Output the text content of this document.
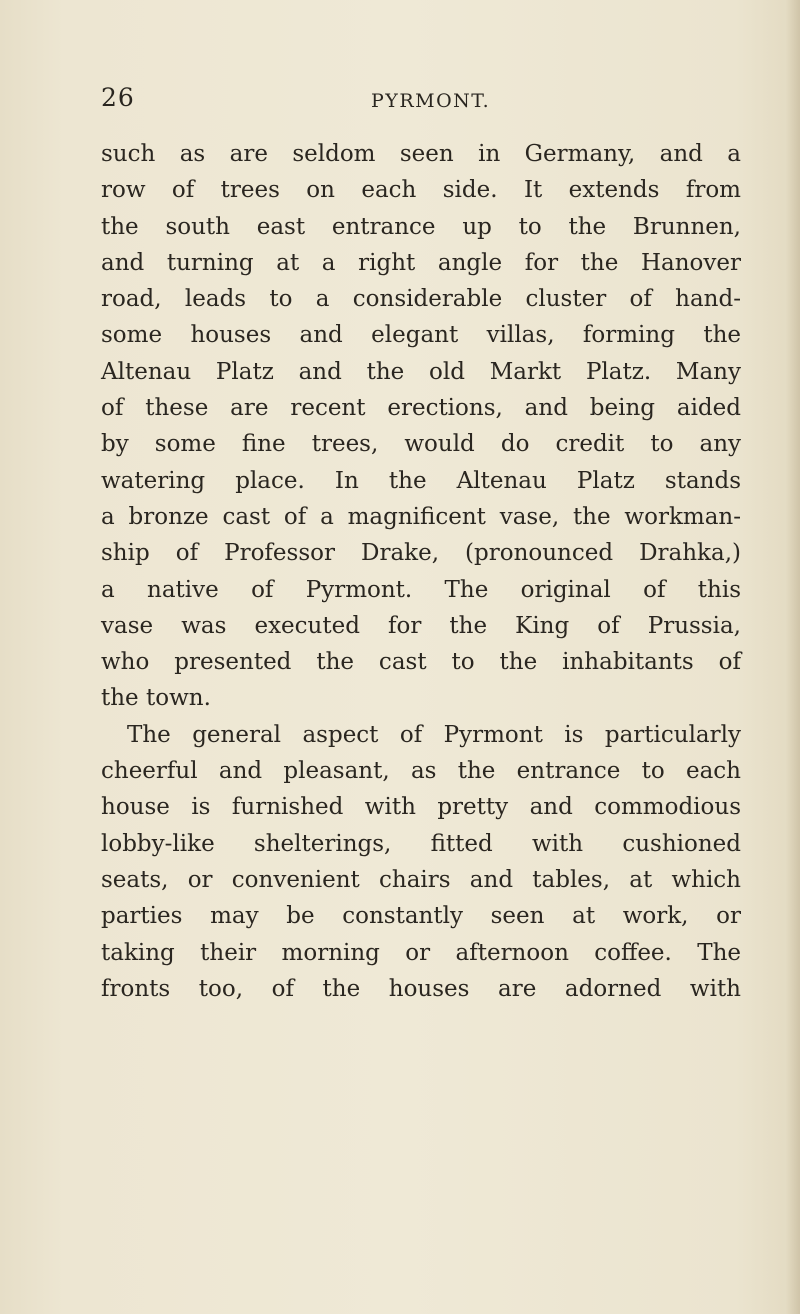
26	PYRMONT.
such as are seldom seen in Germany, and a
row of trees on each side. It extends from
the south east entrance up to the Brunnen,
and turning at a right angle for the Hanover
road, leads to a considerable cluster of hand-
some houses and elegant villas, forming the
Altenau Platz and the old Markt Platz. Many
of these are recent erections, and being aided
by some fine trees, would do credit to any
watering place. In the Altenau Platz stands
a bronze cast of a magnificent vase, the workman-
ship of Professor Drake, (pronounced Drahka,)
a native of Pyrmont. The original of this
vase was executed for the King of Prussia,
who presented the cast to the inhabitants of
the town.
The general aspect of Pyrmont is particularly
cheerful and pleasant, as the entrance to each
house is furnished with pretty and commodious
lobby-like shelterings, fitted with cushioned
seats, or convenient chairs and tables, at which
parties may be constantly seen at work, or
taking their morning or afternoon coffee. The
fronts too, of the houses are adorned with
